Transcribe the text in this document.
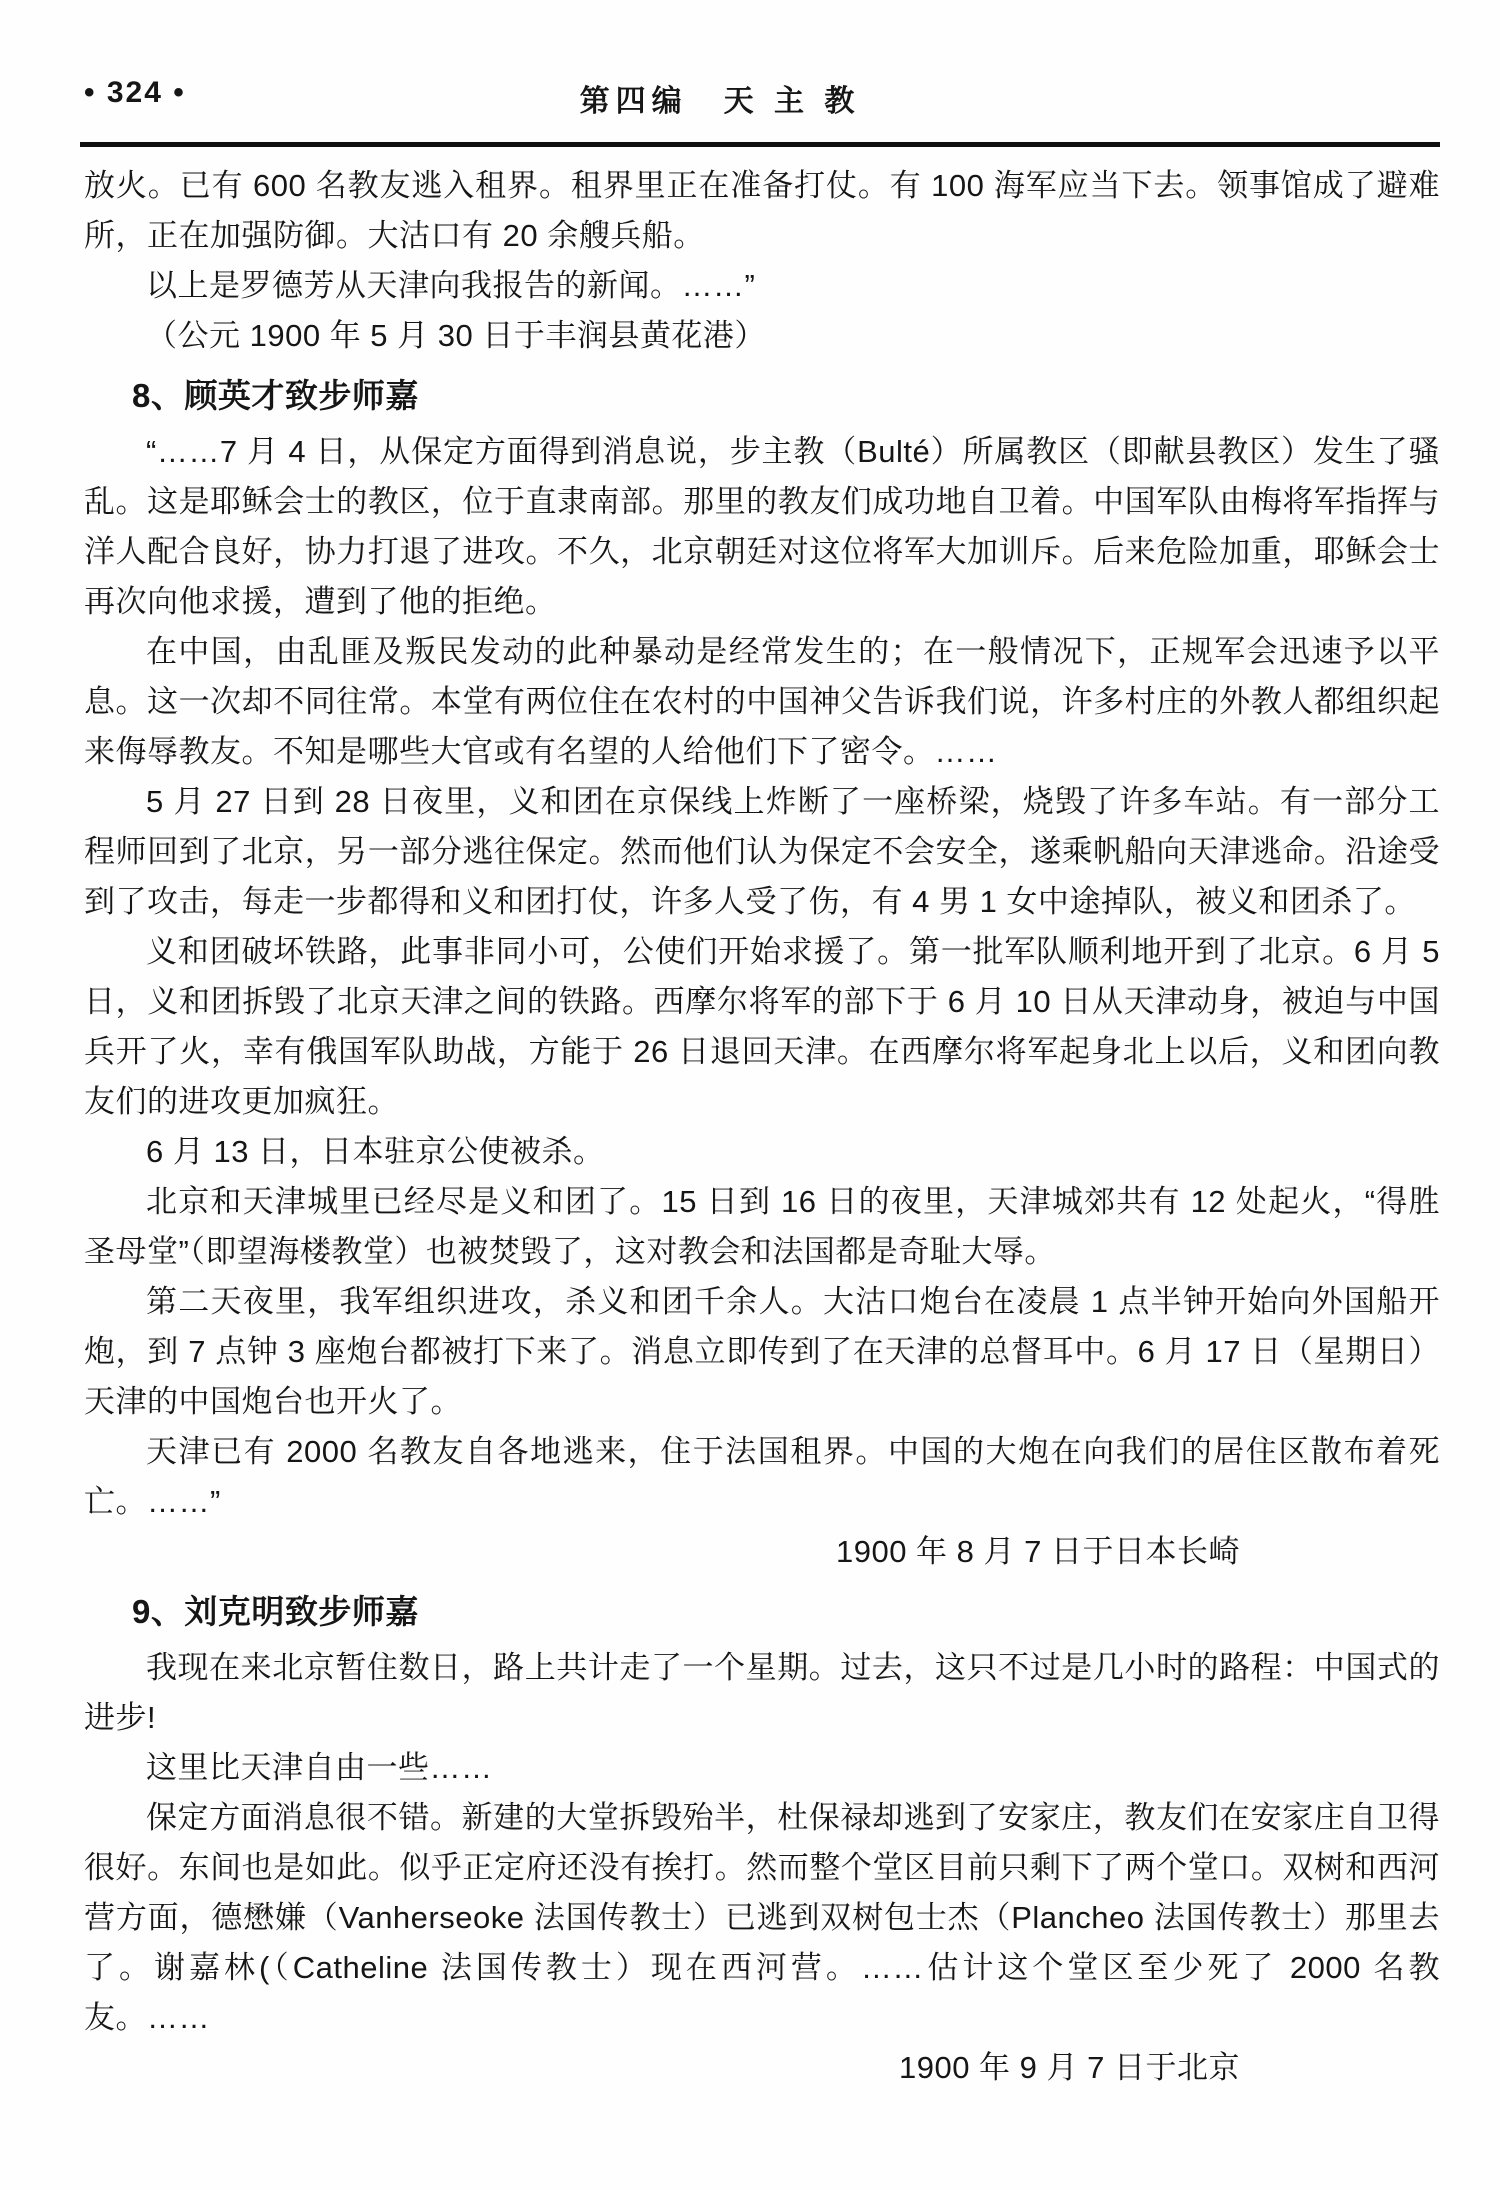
• 324 •	第四编　天 主 教

放火。已有 600 名教友逃入租界。租界里正在准备打仗。有 100 海军应当下去。领事馆成了避难所，正在加强防御。大沽口有 20 余艘兵船。

以上是罗德芳从天津向我报告的新闻。……”

（公元 1900 年 5 月 30 日于丰润县黄花港）

8、顾英才致步师嘉

“……7 月 4 日，从保定方面得到消息说，步主教（Bulté）所属教区（即献县教区）发生了骚乱。这是耶稣会士的教区，位于直隶南部。那里的教友们成功地自卫着。中国军队由梅将军指挥与洋人配合良好，协力打退了进攻。不久，北京朝廷对这位将军大加训斥。后来危险加重，耶稣会士再次向他求援，遭到了他的拒绝。

在中国，由乱匪及叛民发动的此种暴动是经常发生的；在一般情况下，正规军会迅速予以平息。这一次却不同往常。本堂有两位住在农村的中国神父告诉我们说，许多村庄的外教人都组织起来侮辱教友。不知是哪些大官或有名望的人给他们下了密令。……

5 月 27 日到 28 日夜里，义和团在京保线上炸断了一座桥梁，烧毁了许多车站。有一部分工程师回到了北京，另一部分逃往保定。然而他们认为保定不会安全，遂乘帆船向天津逃命。沿途受到了攻击，每走一步都得和义和团打仗，许多人受了伤，有 4 男 1 女中途掉队，被义和团杀了。

义和团破坏铁路，此事非同小可，公使们开始求援了。第一批军队顺利地开到了北京。6 月 5 日，义和团拆毁了北京天津之间的铁路。西摩尔将军的部下于 6 月 10 日从天津动身，被迫与中国兵开了火，幸有俄国军队助战，方能于 26 日退回天津。在西摩尔将军起身北上以后，义和团向教友们的进攻更加疯狂。

6 月 13 日，日本驻京公使被杀。

北京和天津城里已经尽是义和团了。15 日到 16 日的夜里，天津城郊共有 12 处起火，“得胜圣母堂”（即望海楼教堂）也被焚毁了，这对教会和法国都是奇耻大辱。

第二天夜里，我军组织进攻，杀义和团千余人。大沽口炮台在凌晨 1 点半钟开始向外国船开炮，到 7 点钟 3 座炮台都被打下来了。消息立即传到了在天津的总督耳中。6 月 17 日（星期日）天津的中国炮台也开火了。

天津已有 2000 名教友自各地逃来，住于法国租界。中国的大炮在向我们的居住区散布着死亡。……”

1900 年 8 月 7 日于日本长崎

9、刘克明致步师嘉

我现在来北京暂住数日，路上共计走了一个星期。过去，这只不过是几小时的路程：中国式的进步!

这里比天津自由一些……

保定方面消息很不错。新建的大堂拆毁殆半，杜保禄却逃到了安家庄，教友们在安家庄自卫得很好。东间也是如此。似乎正定府还没有挨打。然而整个堂区目前只剩下了两个堂口。双树和西河营方面，德懋嫌（Vanherseoke 法国传教士）已逃到双树包士杰（Plancheo 法国传教士）那里去了。谢嘉林(（Catheline 法国传教士）现在西河营。……估计这个堂区至少死了 2000 名教友。……

1900 年 9 月 7 日于北京
